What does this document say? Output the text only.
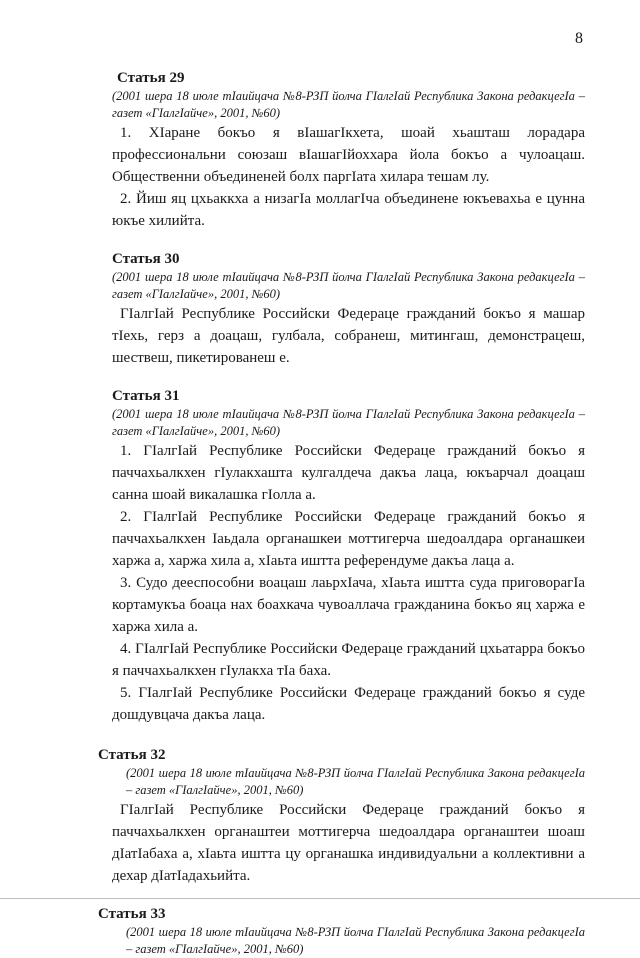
8
Статья 29
(2001 шера 18 июле тIаийцача №8-РЗП йолча ГIалгIай Республика Закона редакцегIа – газет «ГIалгIайче», 2001, №60)

1. ХIаране бокъо я вIашагIкхета, шоай хьашташ лорадара профессиональни союзаш вIашагIйоххара йола бокъо а чулоацаш. Общественни объединеней болх паргIата хилара тешам лу.

2. Йиш яц цхьаккха а низагIа моллагIча объединене юкъевахьа е цунна юкъе хилийта.

Статья 30
(2001 шера 18 июле тIаийцача №8-РЗП йолча ГIалгIай Республика Закона редакцегIа – газет «ГIалгIайче», 2001, №60)

ГIалгIай Республике Российски Федераце гражданий бокъо я машар тIехь, герз а доацаш, гулбала, собранеш, митингаш, демонстрацеш, шествеш, пикетированеш е.

Статья 31
(2001 шера 18 июле тIаийцача №8-РЗП йолча ГIалгIай Республика Закона редакцегIа – газет «ГIалгIайче», 2001, №60)

1. ГIалгIай Республике Российски Федераце гражданий бокъо я паччахьалкхен гIулакхашта кулгалдеча дакъа лаца, юкъарчал доацаш санна шоай викалашка гIолла а.

2. ГIалгIай Республике Российски Федераце гражданий бокъо я паччахьалкхен Iаьдала органашкеи моттигерча шедоалдара органашкеи харжа а, харжа хила а, хIаьта иштта референдуме дакъа лаца а.

3. Судо дееспособни воацаш лаьрхIача, хIаьта иштта суда приговорагIа кортамукъа боаца нах боахкача чувоаллача гражданина бокъо яц харжа е харжа хила а.

4. ГIалгIай Республике Российски Федераце гражданий цхьатарра бокъо я паччахьалкхен гIулакха тIа баха.

5. ГIалгIай Республике Российски Федераце гражданий бокъо я суде дошдувцача дакъа лаца.

Статья 32
(2001 шера 18 июле тIаийцача №8-РЗП йолча ГIалгIай Республика Закона редакцегIа – газет «ГIалгIайче», 2001, №60)

ГIалгIай Республике Российски Федераце гражданий бокъо я паччахьалкхен органаштеи моттигерча шедоалдара органаштеи шоаш дIатIабахa а, хIаьта иштта цу органашка индивидуальни а коллективни а дехар дIатIадахьийта.

Статья 33
(2001 шера 18 июле тIаийцача №8-РЗП йолча ГIалгIай Республика Закона редакцегIа – газет «ГIалгIайче», 2001, №60)
